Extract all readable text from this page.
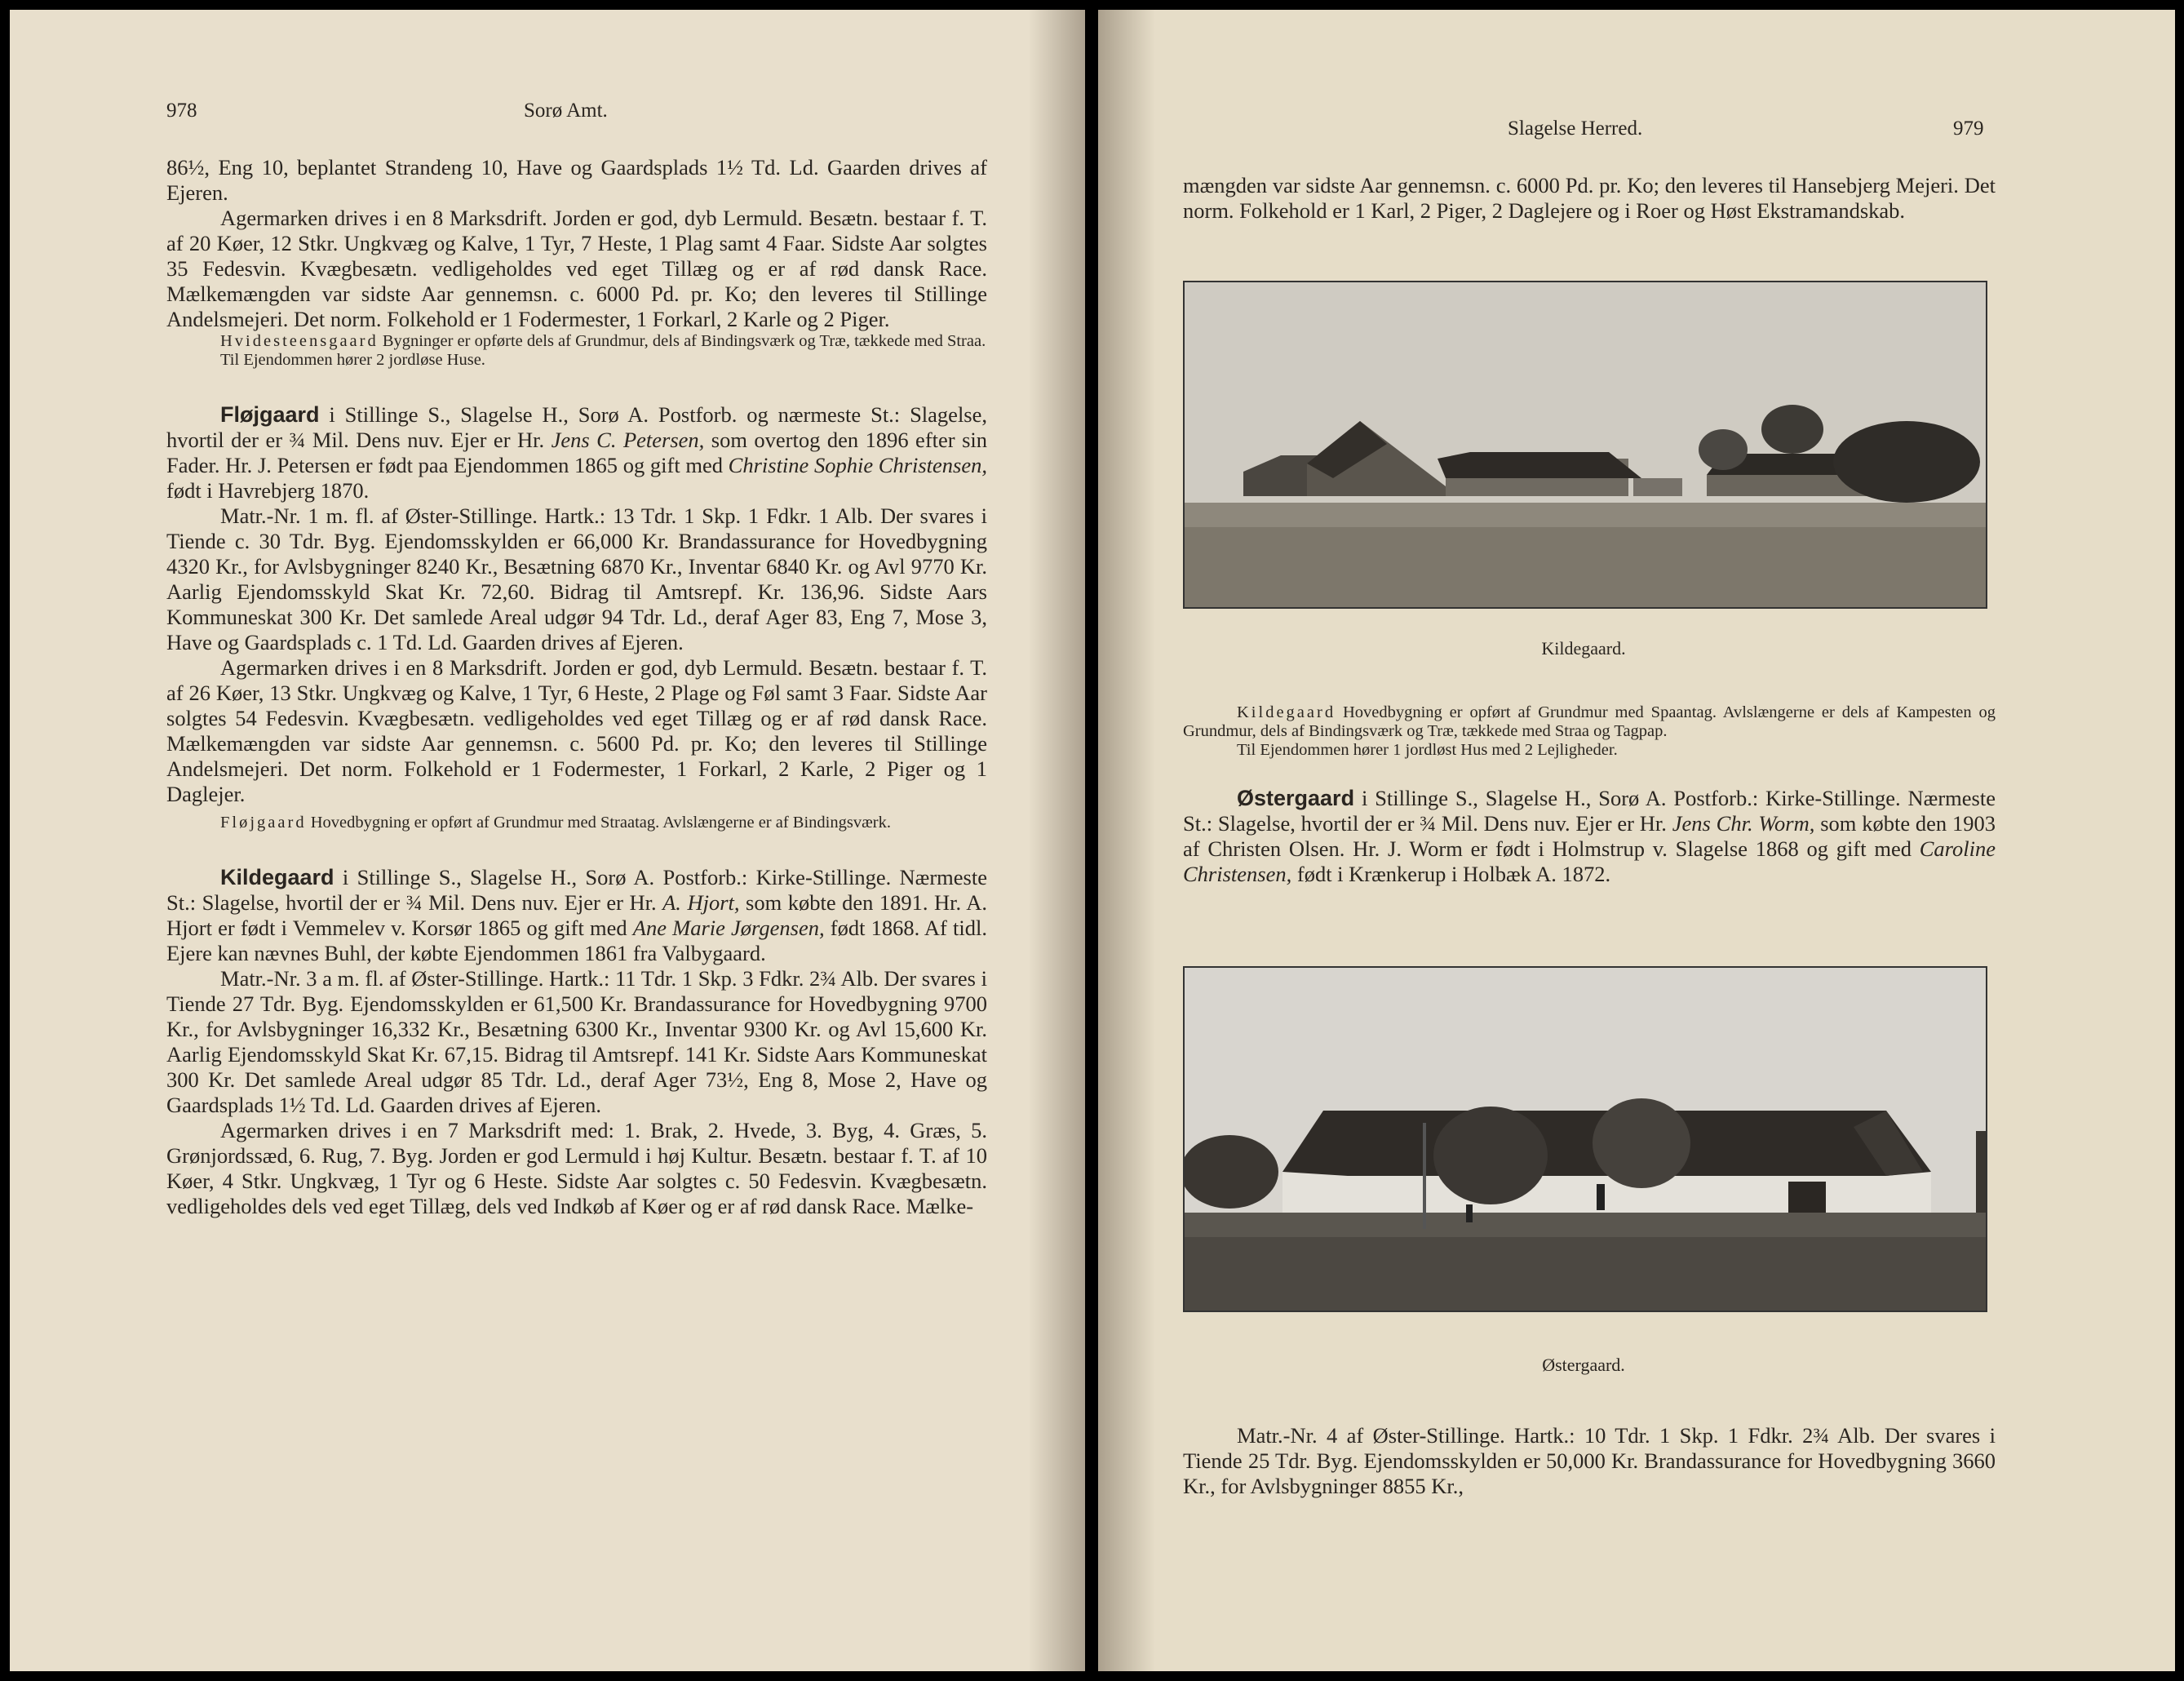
978	Sorø Amt.

86½, Eng 10, beplantet Strandeng 10, Have og Gaardsplads 1½ Td. Ld. Gaarden drives af Ejeren.

Agermarken drives i en 8 Marksdrift. Jorden er god, dyb Lermuld. Besætn. bestaar f. T. af 20 Køer, 12 Stkr. Ungkvæg og Kalve, 1 Tyr, 7 Heste, 1 Plag samt 4 Faar. Sidste Aar solgtes 35 Fedesvin. Kvægbesætn. vedligeholdes ved eget Tillæg og er af rød dansk Race. Mælkemængden var sidste Aar gennemsn. c. 6000 Pd. pr. Ko; den leveres til Stillinge Andelsmejeri. Det norm. Folkehold er 1 Fodermester, 1 Forkarl, 2 Karle og 2 Piger.

Hvidesteensgaard Bygninger er opførte dels af Grundmur, dels af Bindingsværk og Træ, tækkede med Straa.

Til Ejendommen hører 2 jordløse Huse.

Fløjgaard i Stillinge S., Slagelse H., Sorø A. Postforb. og nærmeste St.: Slagelse, hvortil der er ¾ Mil. Dens nuv. Ejer er Hr. Jens C. Petersen, som overtog den 1896 efter sin Fader. Hr. J. Petersen er født paa Ejendommen 1865 og gift med Christine Sophie Christensen, født i Havrebjerg 1870.

Matr.-Nr. 1 m. fl. af Øster-Stillinge. Hartk.: 13 Tdr. 1 Skp. 1 Fdkr. 1 Alb. Der svares i Tiende c. 30 Tdr. Byg. Ejendomsskylden er 66,000 Kr. Brandassurance for Hovedbygning 4320 Kr., for Avlsbygninger 8240 Kr., Besætning 6870 Kr., Inventar 6840 Kr. og Avl 9770 Kr. Aarlig Ejendomsskyld Skat Kr. 72,60. Bidrag til Amtsrepf. Kr. 136,96. Sidste Aars Kommuneskat 300 Kr. Det samlede Areal udgør 94 Tdr. Ld., deraf Ager 83, Eng 7, Mose 3, Have og Gaardsplads c. 1 Td. Ld. Gaarden drives af Ejeren.

Agermarken drives i en 8 Marksdrift. Jorden er god, dyb Lermuld. Besætn. bestaar f. T. af 26 Køer, 13 Stkr. Ungkvæg og Kalve, 1 Tyr, 6 Heste, 2 Plage og Føl samt 3 Faar. Sidste Aar solgtes 54 Fedesvin. Kvægbesætn. vedligeholdes ved eget Tillæg og er af rød dansk Race. Mælkemængden var sidste Aar gennemsn. c. 5600 Pd. pr. Ko; den leveres til Stillinge Andelsmejeri. Det norm. Folkehold er 1 Fodermester, 1 Forkarl, 2 Karle, 2 Piger og 1 Daglejer.

Fløjgaard Hovedbygning er opført af Grundmur med Straatag. Avlslængerne er af Bindingsværk.

Kildegaard i Stillinge S., Slagelse H., Sorø A. Postforb.: Kirke-Stillinge. Nærmeste St.: Slagelse, hvortil der er ¾ Mil. Dens nuv. Ejer er Hr. A. Hjort, som købte den 1891. Hr. A. Hjort er født i Vemmelev v. Korsør 1865 og gift med Ane Marie Jørgensen, født 1868. Af tidl. Ejere kan nævnes Buhl, der købte Ejendommen 1861 fra Valbygaard.

Matr.-Nr. 3 a m. fl. af Øster-Stillinge. Hartk.: 11 Tdr. 1 Skp. 3 Fdkr. 2¾ Alb. Der svares i Tiende 27 Tdr. Byg. Ejendomsskylden er 61,500 Kr. Brandassurance for Hovedbygning 9700 Kr., for Avlsbygninger 16,332 Kr., Besætning 6300 Kr., Inventar 9300 Kr. og Avl 15,600 Kr. Aarlig Ejendomsskyld Skat Kr. 67,15. Bidrag til Amtsrepf. 141 Kr. Sidste Aars Kommuneskat 300 Kr. Det samlede Areal udgør 85 Tdr. Ld., deraf Ager 73½, Eng 8, Mose 2, Have og Gaardsplads 1½ Td. Ld. Gaarden drives af Ejeren.

Agermarken drives i en 7 Marksdrift med: 1. Brak, 2. Hvede, 3. Byg, 4. Græs, 5. Grønjordssæd, 6. Rug, 7. Byg. Jorden er god Lermuld i høj Kultur. Besætn. bestaar f. T. af 10 Køer, 4 Stkr. Ungkvæg, 1 Tyr og 6 Heste. Sidste Aar solgtes c. 50 Fedesvin. Kvægbesætn. vedligeholdes dels ved eget Tillæg, dels ved Indkøb af Køer og er af rød dansk Race. Mælke-

Slagelse Herred.	979

mængden var sidste Aar gennemsn. c. 6000 Pd. pr. Ko; den leveres til Hansebjerg Mejeri. Det norm. Folkehold er 1 Karl, 2 Piger, 2 Daglejere og i Roer og Høst Ekstramandskab.

Kildegaard.

Kildegaard Hovedbygning er opført af Grundmur med Spaantag. Avlslængerne er dels af Kampesten og Grundmur, dels af Bindingsværk og Træ, tækkede med Straa og Tagpap.

Til Ejendommen hører 1 jordløst Hus med 2 Lejligheder.

Østergaard i Stillinge S., Slagelse H., Sorø A. Postforb.: Kirke-Stillinge. Nærmeste St.: Slagelse, hvortil der er ¾ Mil. Dens nuv. Ejer er Hr. Jens Chr. Worm, som købte den 1903 af Christen Olsen. Hr. J. Worm er født i Holmstrup v. Slagelse 1868 og gift med Caroline Christensen, født i Krænkerup i Holbæk A. 1872.

Østergaard.

Matr.-Nr. 4 af Øster-Stillinge. Hartk.: 10 Tdr. 1 Skp. 1 Fdkr. 2¾ Alb. Der svares i Tiende 25 Tdr. Byg. Ejendomsskylden er 50,000 Kr. Brandassurance for Hovedbygning 3660 Kr., for Avlsbygninger 8855 Kr.,
